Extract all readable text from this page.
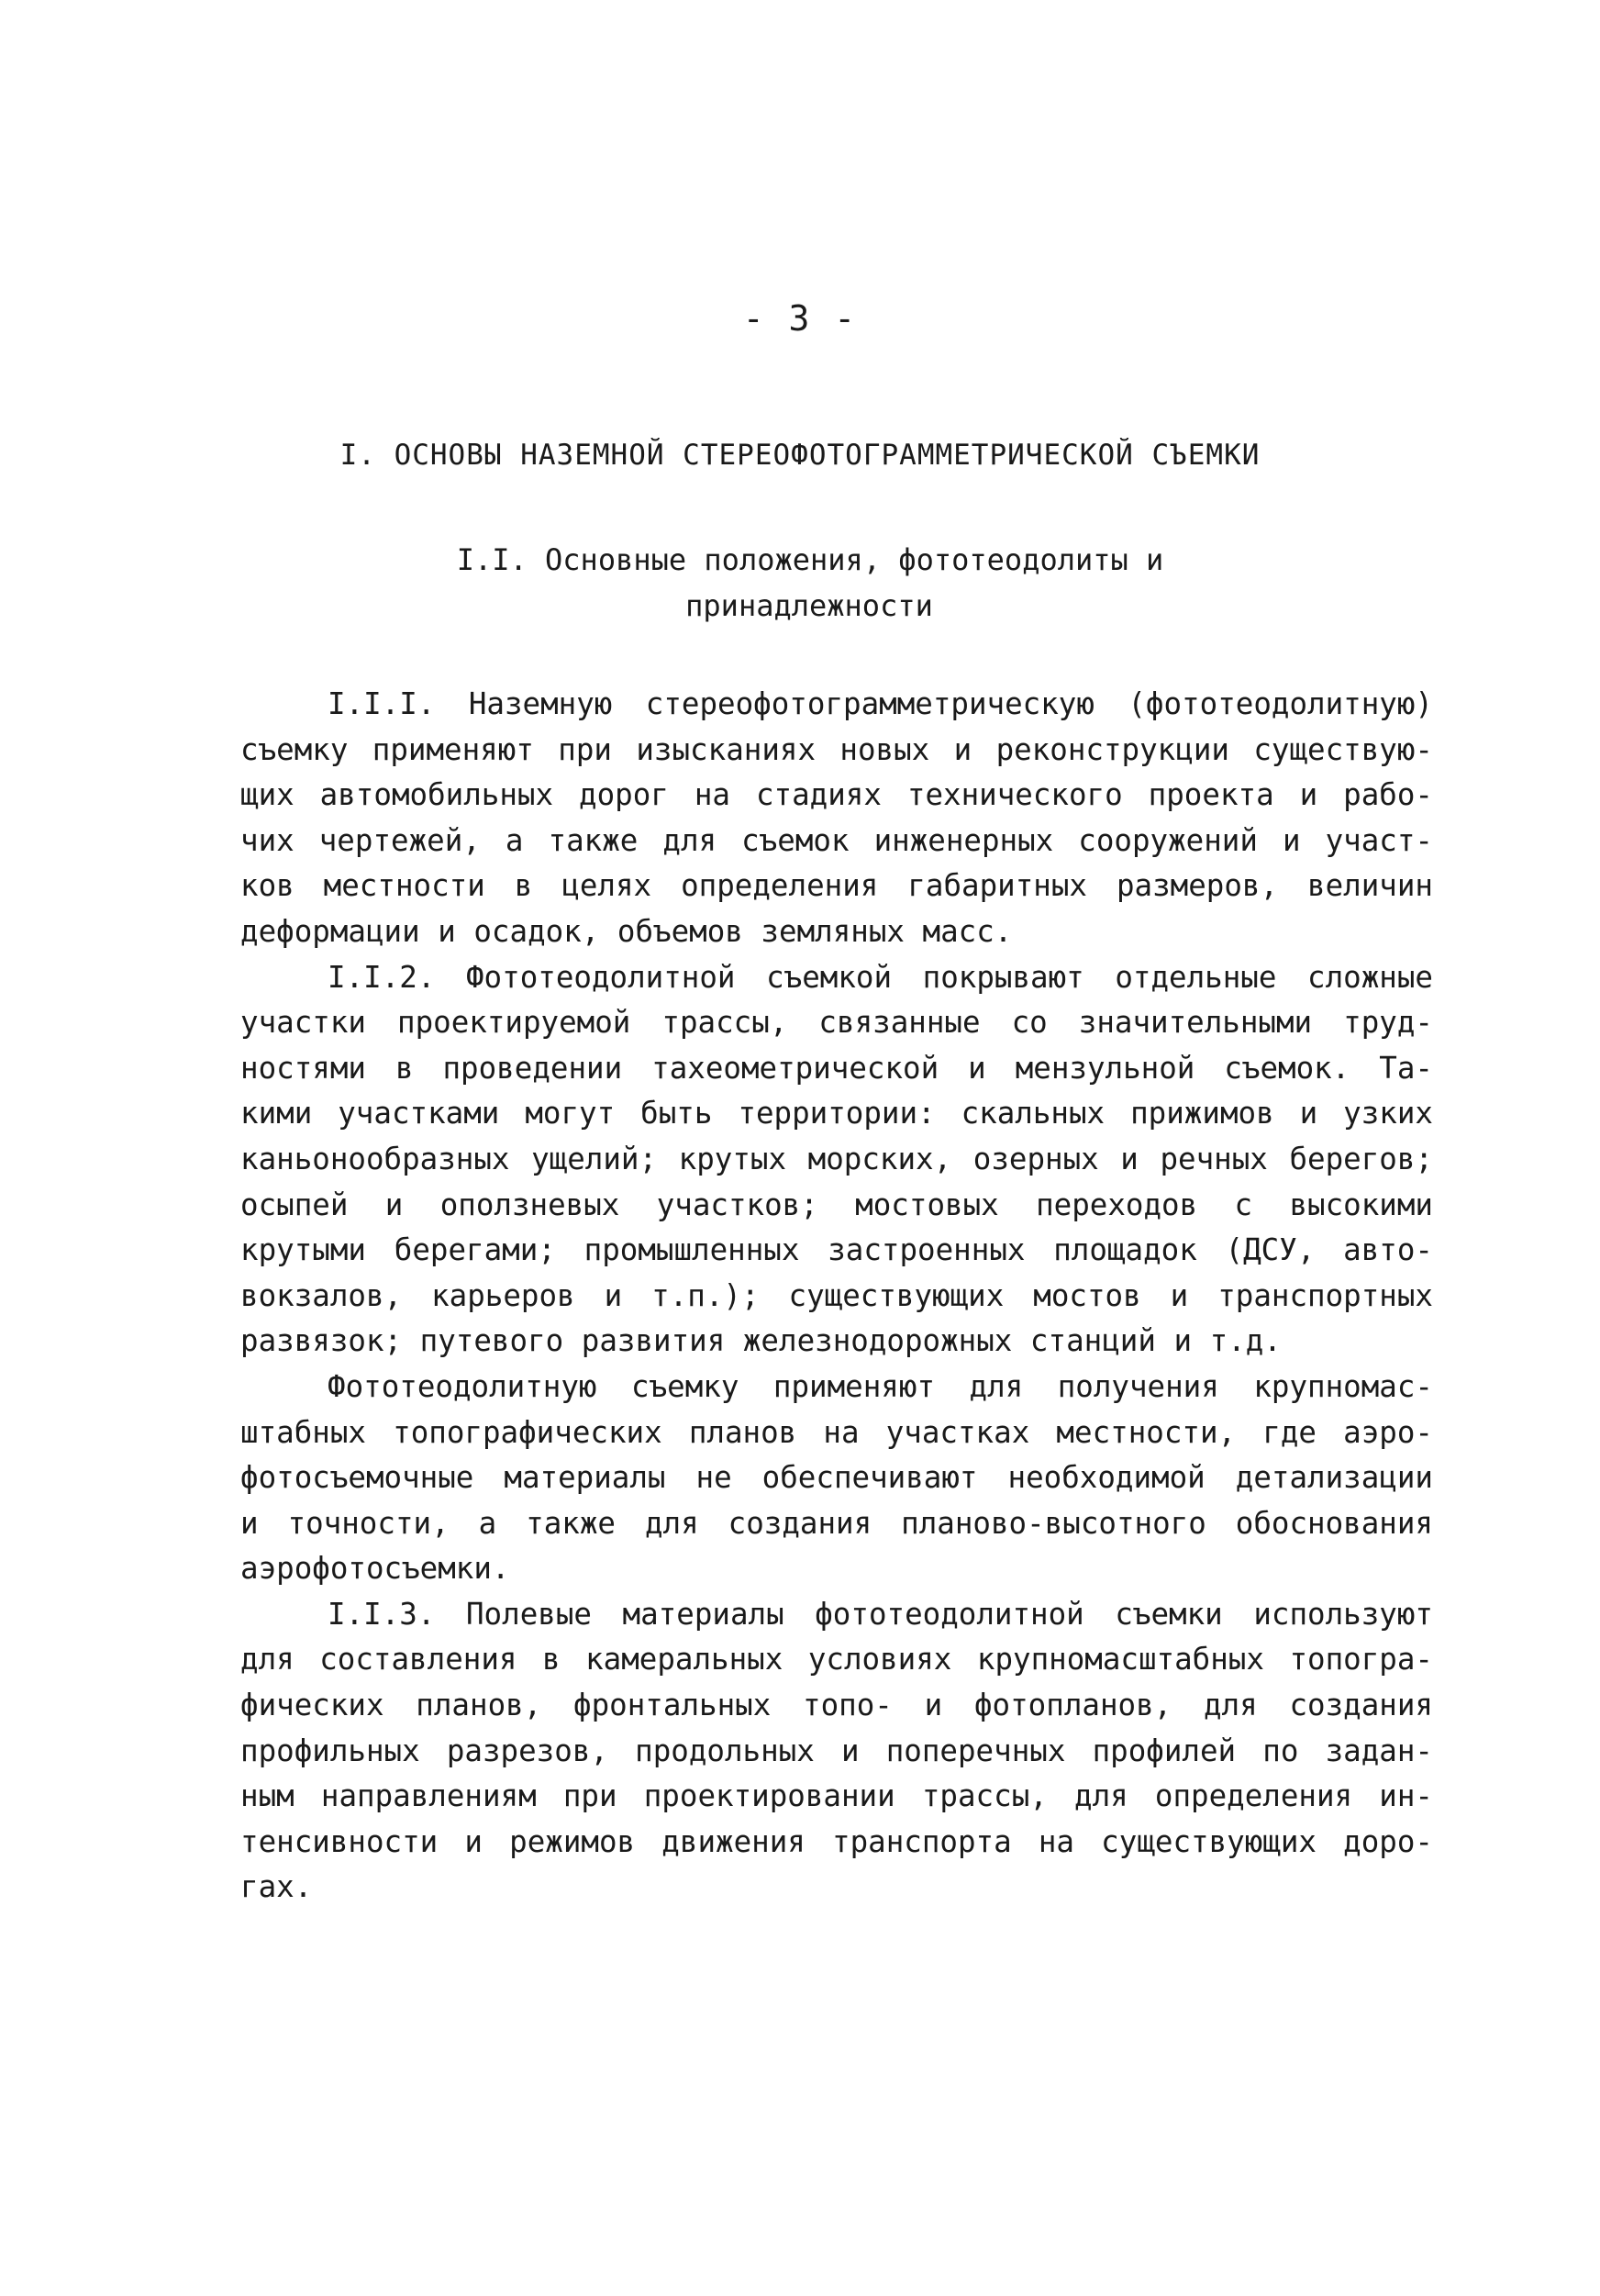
- 3 -
I. ОСНОВЫ НАЗЕМНОЙ СТЕРЕОФОТОГРАММЕТРИЧЕСКОЙ СЪЕМКИ
I.I. Основные положения, фототеодолиты и
принадлежности
I.I.I. Наземную стереофотограмметрическую (фототеодолитную)
съемку применяют при изысканиях новых и реконструкции существую-
щих автомобильных дорог на стадиях технического проекта и рабо-
чих чертежей, а также для съемок инженерных сооружений и участ-
ков местности в целях определения габаритных размеров, величин
деформации и осадок, объемов земляных масс.
I.I.2. Фототеодолитной съемкой покрывают отдельные сложные
участки проектируемой трассы, связанные со значительными труд-
ностями в проведении тахеометрической и мензульной съемок. Та-
кими участками могут быть территории: скальных прижимов и узких
каньонообразных ущелий; крутых морских, озерных и речных берегов;
осыпей и оползневых участков; мостовых переходов с высокими
крутыми берегами; промышленных застроенных площадок (ДСУ, авто-
вокзалов, карьеров и т.п.); существующих мостов и транспортных
развязок; путевого развития железнодорожных станций и т.д.
Фототеодолитную съемку применяют для получения крупномас-
штабных топографических планов на участках местности, где аэро-
фотосъемочные материалы не обеспечивают необходимой детализации
и точности, а также для создания планово-высотного обоснования
аэрофотосъемки.
I.I.3. Полевые материалы фототеодолитной съемки используют
для составления в камеральных условиях крупномасштабных топогра-
фических планов, фронтальных топо- и фотопланов, для создания
профильных разрезов, продольных и поперечных профилей по задан-
ным направлениям при проектировании трассы, для определения ин-
тенсивности и режимов движения транспорта на существующих доро-
гах.
